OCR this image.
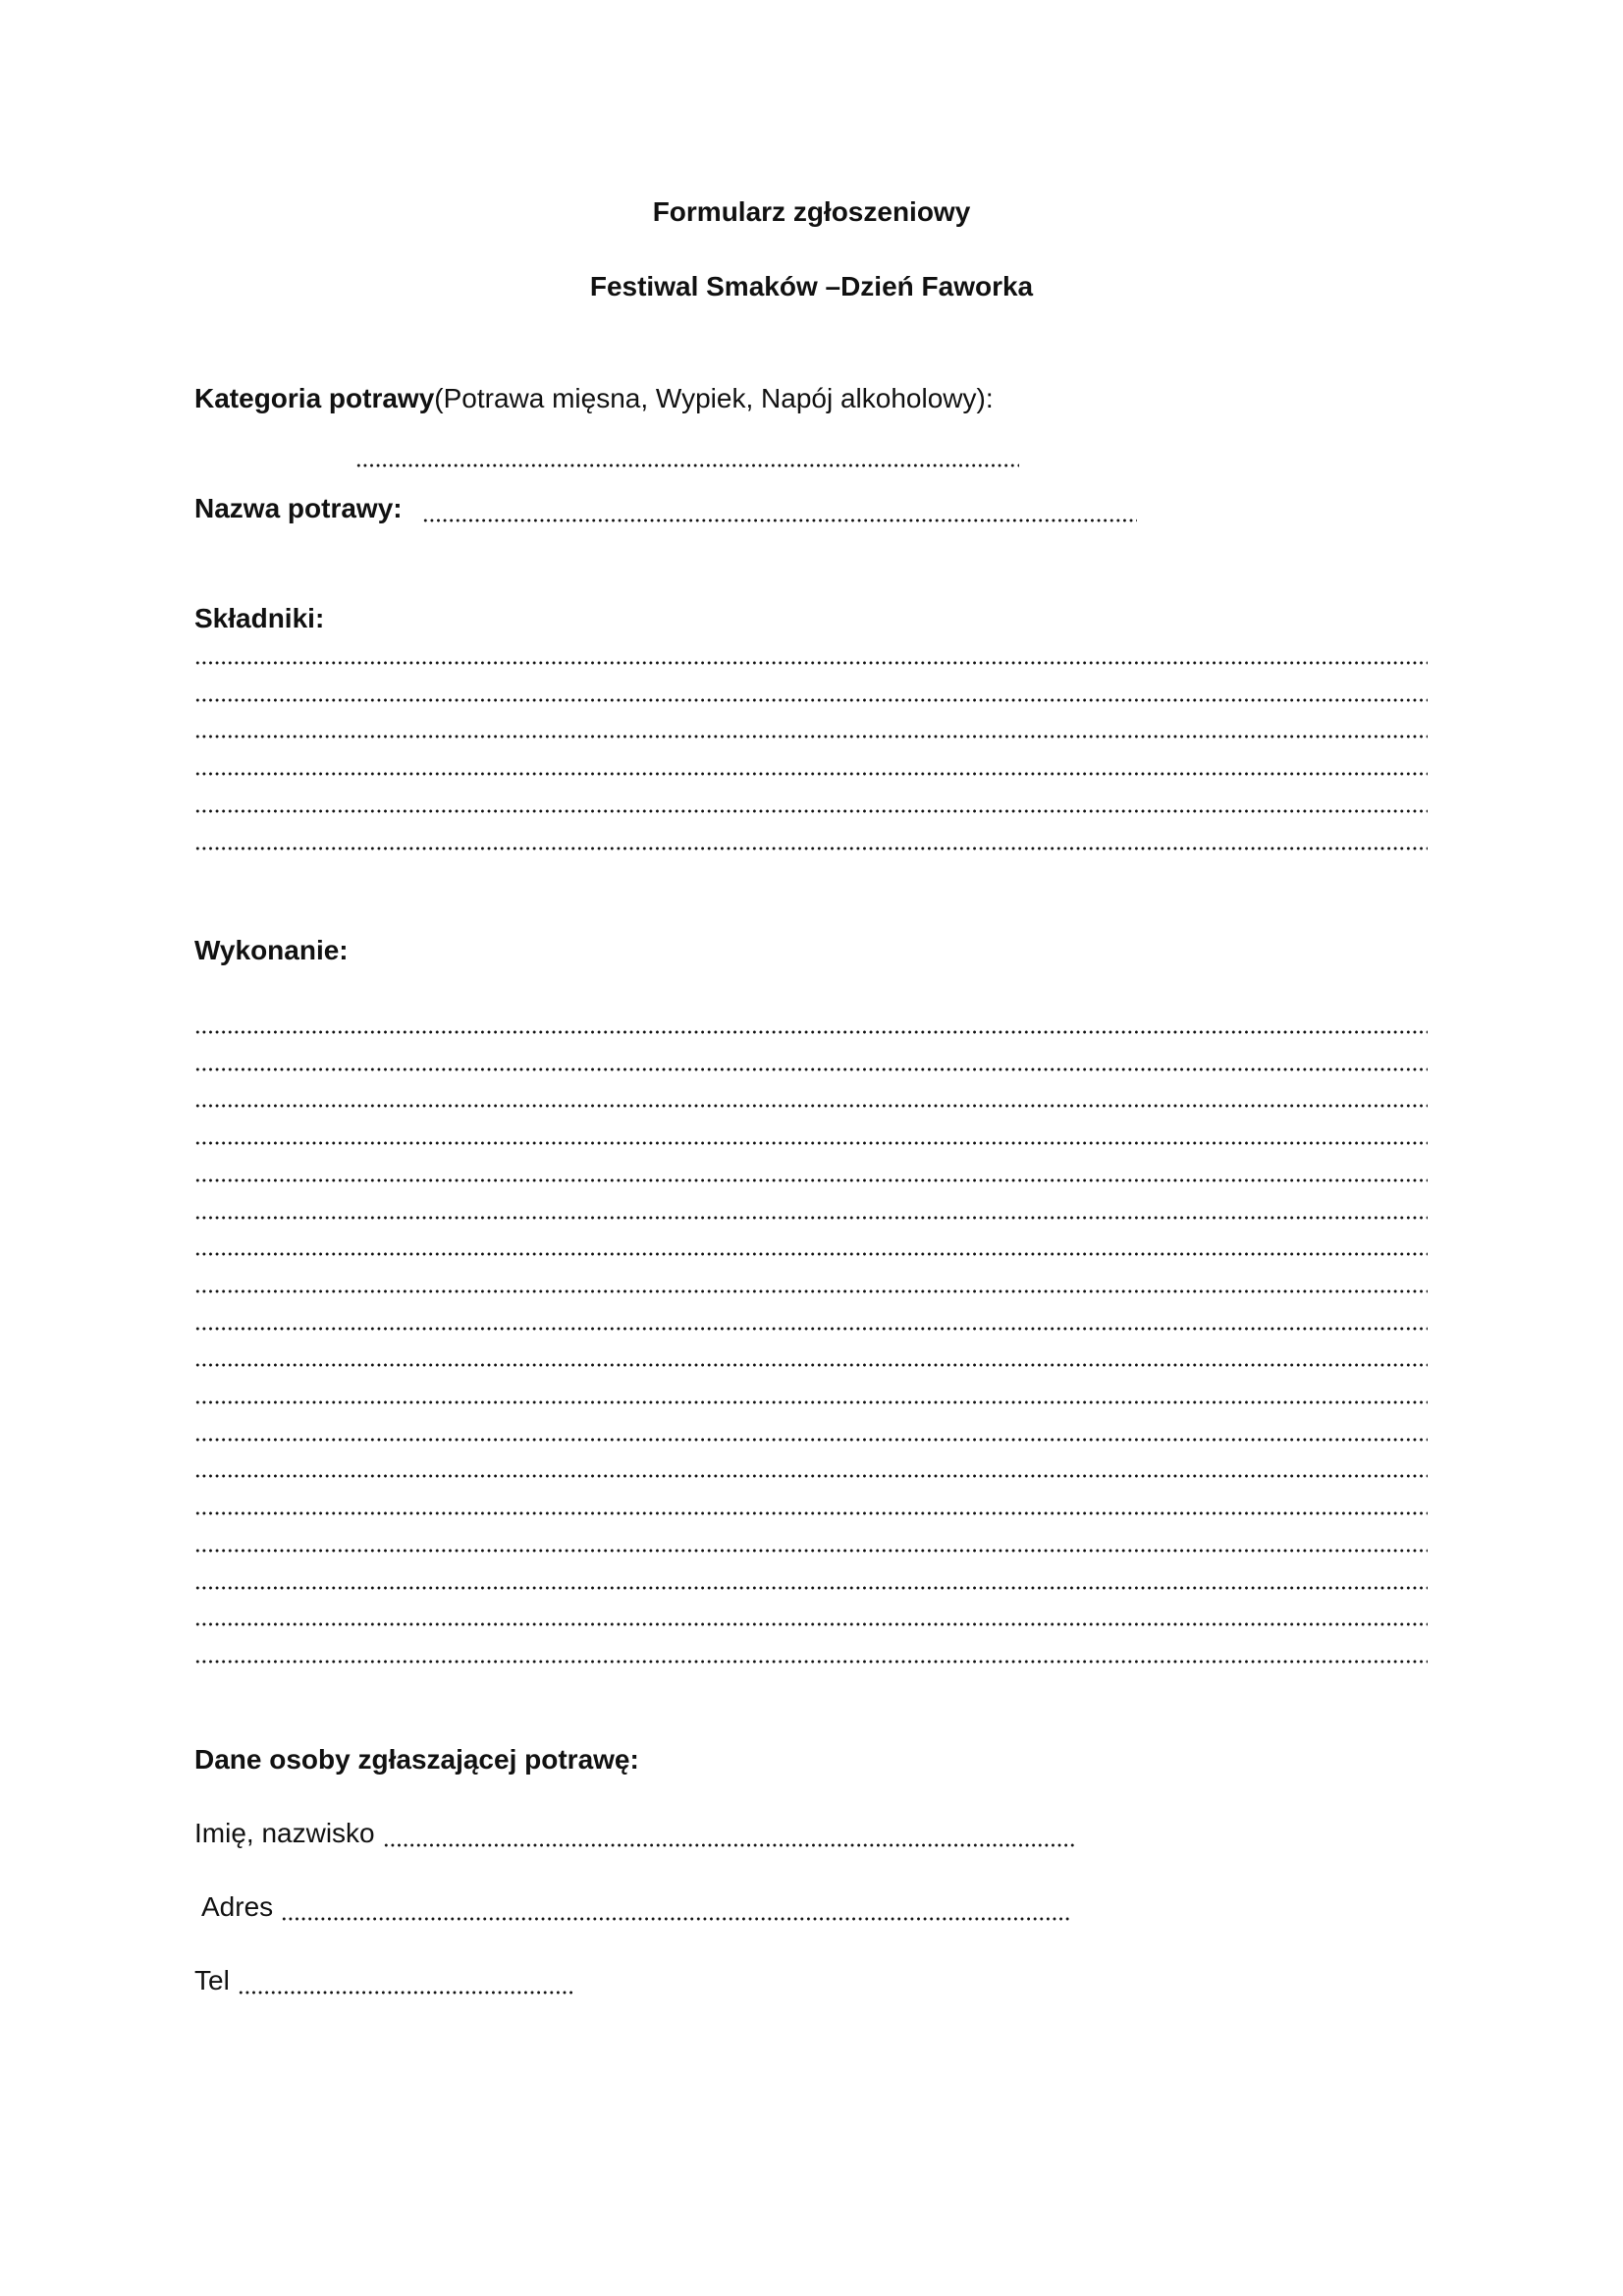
Formularz zgłoszeniowy
Festiwal Smaków –Dzień Faworka
Kategoria potrawy(Potrawa mięsna, Wypiek, Napój alkoholowy):
Nazwa potrawy:
Składniki:
Wykonanie:
Dane osoby zgłaszającej potrawę:
Imię, nazwisko
Adres
Tel
